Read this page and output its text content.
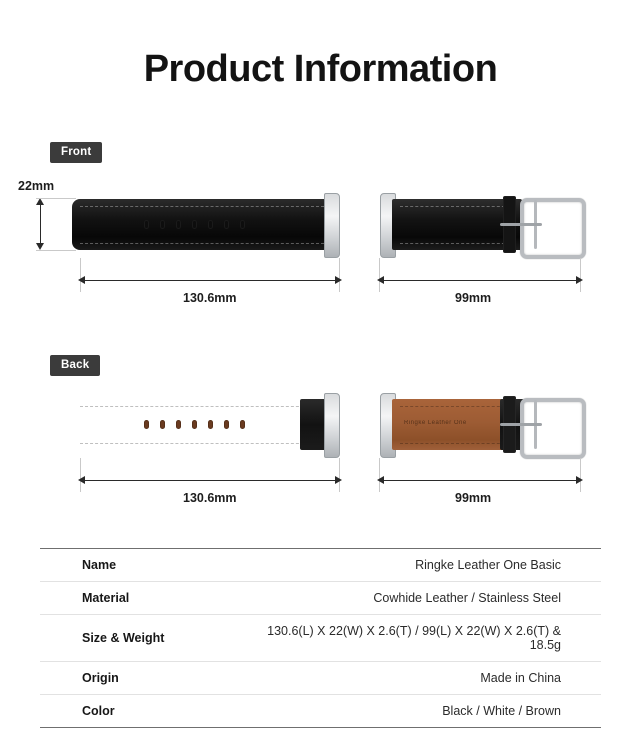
Product Information
Front
22mm
130.6mm	99mm
Back
Ringke Leather One
130.6mm	99mm
Name	Ringke Leather One Basic
Material	Cowhide Leather / Stainless Steel
Size & Weight	130.6(L) X 22(W) X 2.6(T) / 99(L) X 22(W) X 2.6(T) & 18.5g
Origin	Made in China
Color	Black / White / Brown
